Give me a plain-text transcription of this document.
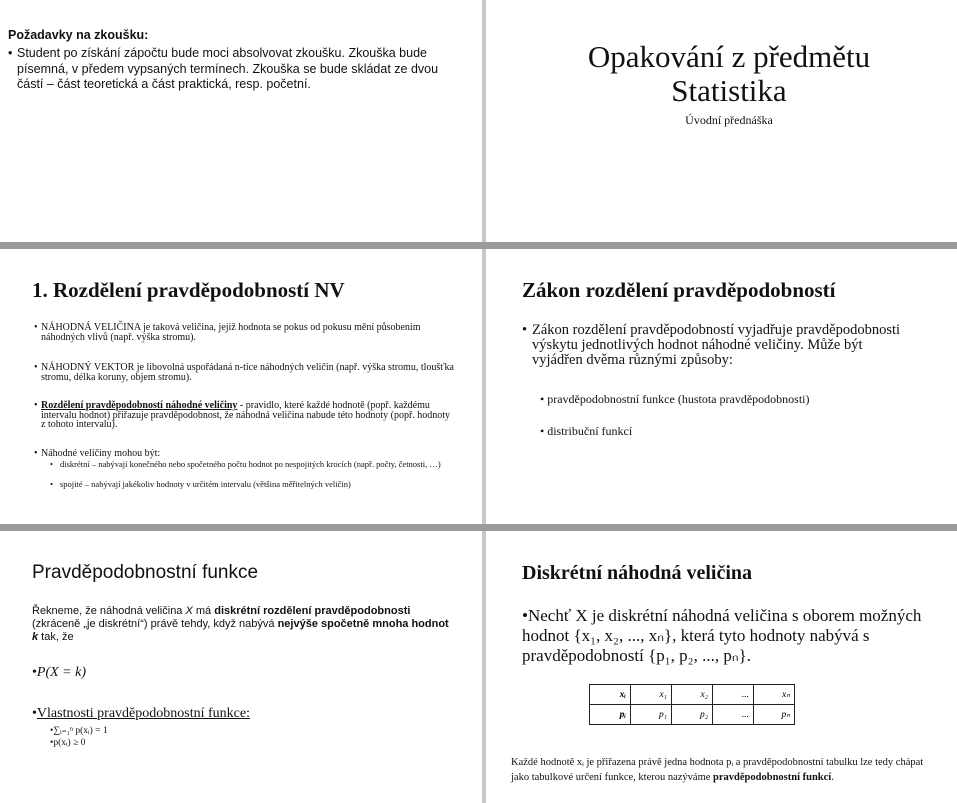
Požadavky na zkoušku:
• Student po získání zápočtu bude moci absolvovat zkoušku. Zkouška bude písemná, v předem vypsaných termínech. Zkouška se bude skládat ze dvou částí – část teoretická a část praktická, resp. početní.
Opakování z předmětu
Statistika
Úvodní přednáška
1. Rozdělení pravděpodobností NV
• NÁHODNÁ VELIČINA je taková veličina, jejíž hodnota se pokus od pokusu mění působením náhodných vlivů (např. výška stromu).
• NÁHODNÝ VEKTOR je libovolná uspořádaná n-tice náhodných veličin (např. výška stromu, tloušťka stromu, délka koruny, objem stromu).
• Rozdělení pravděpodobností náhodné veličiny - pravidlo, které každé hodnotě (popř. každému intervalu hodnot) přiřazuje pravděpodobnost, že náhodná veličina nabude této hodnoty (popř. hodnoty z tohoto intervalu).
• Náhodné veličiny mohou být:
• diskrétní – nabývají konečného nebo spočetného počtu hodnot po nespojitých krocích (např. počty, četnosti, …)
• spojité – nabývají jakékoliv hodnoty v určitém intervalu (většina měřitelných veličin)
Zákon rozdělení pravděpodobností
• Zákon rozdělení pravděpodobností vyjadřuje pravděpodobnosti výskytu jednotlivých hodnot náhodné veličiny. Může být vyjádřen dvěma různými způsoby:
• pravděpodobnostní funkce (hustota pravděpodobnosti)
• distribuční funkcí
Pravděpodobnostní funkce
Řekneme, že náhodná veličina X má diskrétní rozdělení pravděpodobnosti (zkráceně „je diskrétní“) právě tehdy, když nabývá nejvýše spočetně mnoha hodnot k tak, že
•P(X = k)
•Vlastnosti pravděpodobnostní funkce:
•∑ᵢ₌₁ⁿ p(xᵢ) = 1
•p(xᵢ) ≥ 0
Diskrétní náhodná veličina
•Nechť X je diskrétní náhodná veličina s oborem možných hodnot {x₁, x₂, ..., xₙ}, která tyto hodnoty nabývá s pravděpodobností {p₁, p₂, ..., pₙ}.
xᵢ	x₁	x₂	...	xₙ
pᵢ	p₁	p₂	...	pₙ
Každé hodnotě xᵢ je přiřazena právě jedna hodnota pᵢ a pravděpodobnostní tabulku lze tedy chápat jako tabulkové určení funkce, kterou nazýváme pravděpodobnostní funkcí.
